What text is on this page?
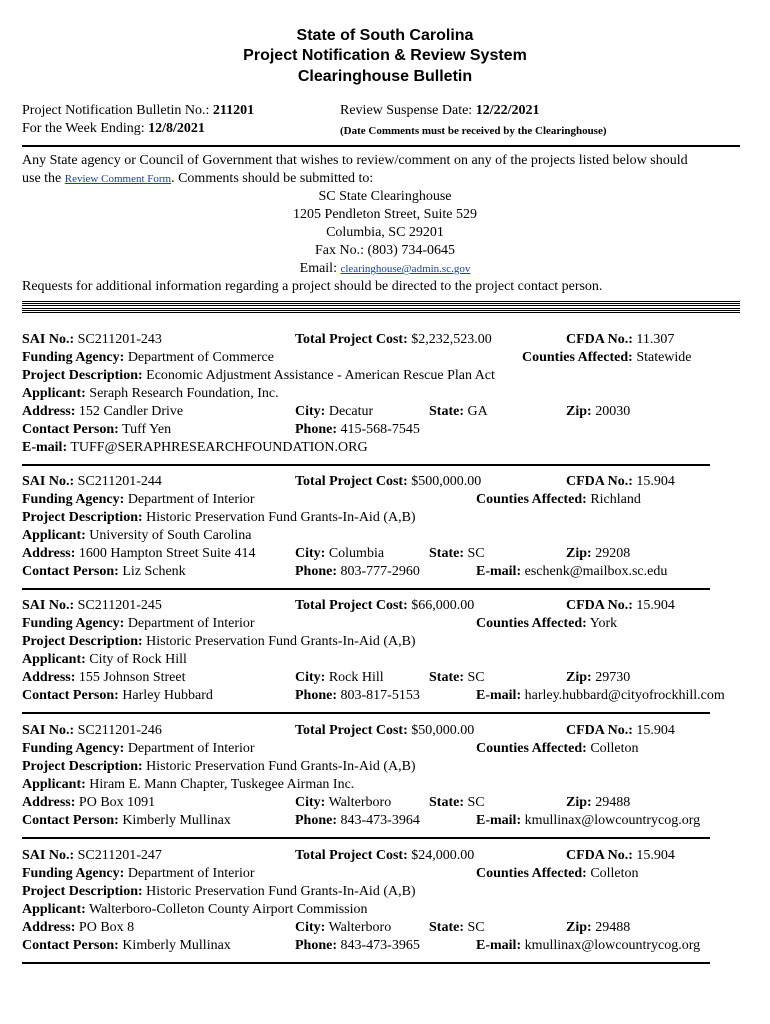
State of South Carolina
Project Notification & Review System
Clearinghouse Bulletin
Project Notification Bulletin No.: 211201
For the Week Ending: 12/8/2021
Review Suspense Date: 12/22/2021
(Date Comments must be received by the Clearinghouse)
Any State agency or Council of Government that wishes to review/comment on any of the projects listed below should
use the Review Comment Form. Comments should be submitted to:
SC State Clearinghouse
1205 Pendleton Street, Suite 529
Columbia, SC 29201
Fax No.: (803) 734-0645
Email: clearinghouse@admin.sc.gov
Requests for additional information regarding a project should be directed to the project contact person.
SAI No.: SC211201-243	Total Project Cost: $2,232,523.00	CFDA No.: 11.307
Funding Agency: Department of Commerce	Counties Affected: Statewide
Project Description: Economic Adjustment Assistance - American Rescue Plan Act
Applicant: Seraph Research Foundation, Inc.
Address: 152 Candler Drive	City: Decatur	State: GA	Zip: 20030
Contact Person: Tuff Yen	Phone: 415-568-7545
E-mail: TUFF@SERAPHRESEARCHFOUNDATION.ORG
SAI No.: SC211201-244	Total Project Cost: $500,000.00	CFDA No.: 15.904
Funding Agency: Department of Interior	Counties Affected: Richland
Project Description: Historic Preservation Fund Grants-In-Aid (A,B)
Applicant: University of South Carolina
Address: 1600 Hampton Street Suite 414	City: Columbia	State: SC	Zip: 29208
Contact Person: Liz Schenk	Phone: 803-777-2960	E-mail: eschenk@mailbox.sc.edu
SAI No.: SC211201-245	Total Project Cost: $66,000.00	CFDA No.: 15.904
Funding Agency: Department of Interior	Counties Affected: York
Project Description: Historic Preservation Fund Grants-In-Aid (A,B)
Applicant: City of Rock Hill
Address: 155 Johnson Street	City: Rock Hill	State: SC	Zip: 29730
Contact Person: Harley Hubbard	Phone: 803-817-5153	E-mail: harley.hubbard@cityofrockhill.com
SAI No.: SC211201-246	Total Project Cost: $50,000.00	CFDA No.: 15.904
Funding Agency: Department of Interior	Counties Affected: Colleton
Project Description: Historic Preservation Fund Grants-In-Aid (A,B)
Applicant: Hiram E. Mann Chapter, Tuskegee Airman Inc.
Address: PO Box 1091	City: Walterboro	State: SC	Zip: 29488
Contact Person: Kimberly Mullinax	Phone: 843-473-3964	E-mail: kmullinax@lowcountrycog.org
SAI No.: SC211201-247	Total Project Cost: $24,000.00	CFDA No.: 15.904
Funding Agency: Department of Interior	Counties Affected: Colleton
Project Description: Historic Preservation Fund Grants-In-Aid (A,B)
Applicant: Walterboro-Colleton County Airport Commission
Address: PO Box 8	City: Walterboro	State: SC	Zip: 29488
Contact Person: Kimberly Mullinax	Phone: 843-473-3965	E-mail: kmullinax@lowcountrycog.org
